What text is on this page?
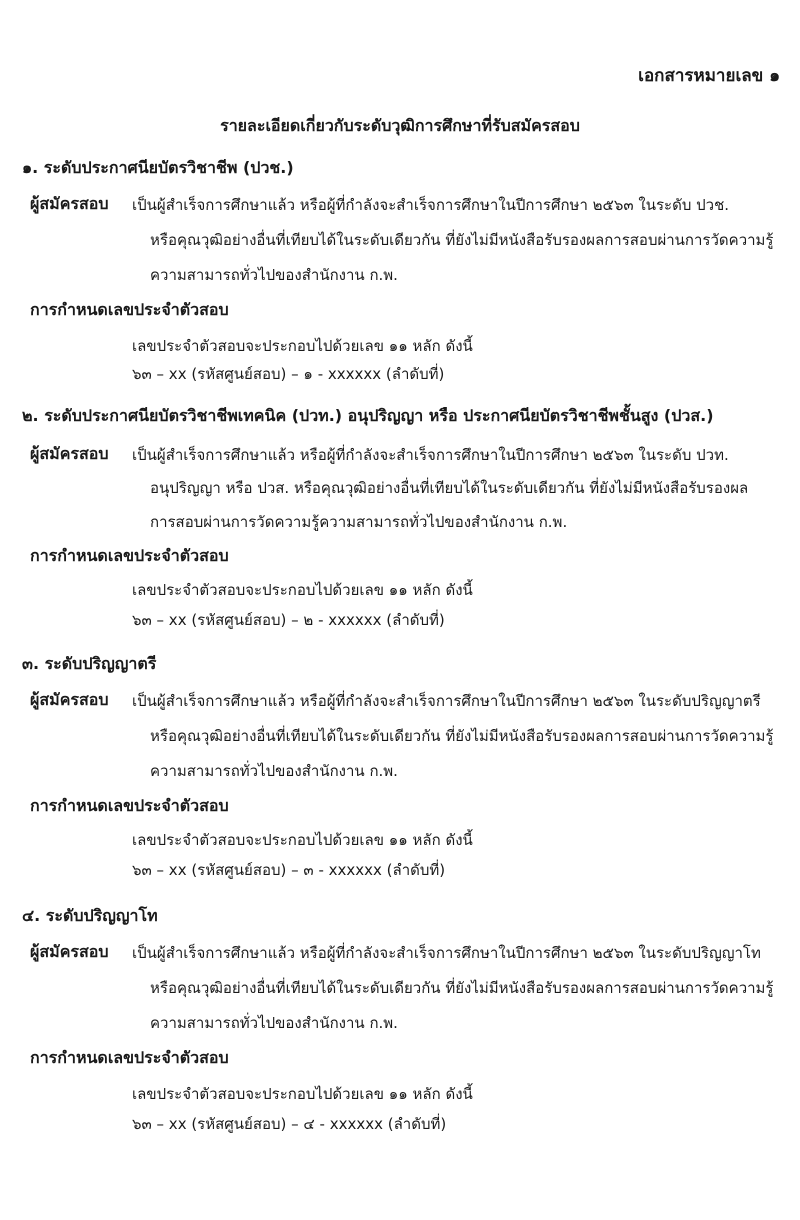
เอกสารหมายเลข ๑
รายละเอียดเกี่ยวกับระดับวุฒิการศึกษาที่รับสมัครสอบ
๑. ระดับประกาศนียบัตรวิชาชีพ (ปวช.)
ผู้สมัครสอบ เป็นผู้สำเร็จการศึกษาแล้ว หรือผู้ที่กำลังจะสำเร็จการศึกษาในปีการศึกษา ๒๕๖๓ ในระดับ ปวช.
หรือคุณวุฒิอย่างอื่นที่เทียบได้ในระดับเดียวกัน ที่ยังไม่มีหนังสือรับรองผลการสอบผ่านการวัดความรู้
ความสามารถทั่วไปของสำนักงาน ก.พ.
การกำหนดเลขประจำตัวสอบ
เลขประจำตัวสอบจะประกอบไปด้วยเลข ๑๑ หลัก ดังนี้
๖๓ – xx (รหัสศูนย์สอบ) – ๑ - xxxxxx (ลำดับที่)
๒. ระดับประกาศนียบัตรวิชาชีพเทคนิค (ปวท.) อนุปริญญา หรือ ประกาศนียบัตรวิชาชีพชั้นสูง (ปวส.)
ผู้สมัครสอบ เป็นผู้สำเร็จการศึกษาแล้ว หรือผู้ที่กำลังจะสำเร็จการศึกษาในปีการศึกษา ๒๕๖๓ ในระดับ ปวท.
อนุปริญญา หรือ ปวส. หรือคุณวุฒิอย่างอื่นที่เทียบได้ในระดับเดียวกัน ที่ยังไม่มีหนังสือรับรองผล
การสอบผ่านการวัดความรู้ความสามารถทั่วไปของสำนักงาน ก.พ.
การกำหนดเลขประจำตัวสอบ
เลขประจำตัวสอบจะประกอบไปด้วยเลข ๑๑ หลัก ดังนี้
๖๓ – xx (รหัสศูนย์สอบ) – ๒ - xxxxxx (ลำดับที่)
๓. ระดับปริญญาตรี
ผู้สมัครสอบ เป็นผู้สำเร็จการศึกษาแล้ว หรือผู้ที่กำลังจะสำเร็จการศึกษาในปีการศึกษา ๒๕๖๓ ในระดับปริญญาตรี
หรือคุณวุฒิอย่างอื่นที่เทียบได้ในระดับเดียวกัน ที่ยังไม่มีหนังสือรับรองผลการสอบผ่านการวัดความรู้
ความสามารถทั่วไปของสำนักงาน ก.พ.
การกำหนดเลขประจำตัวสอบ
เลขประจำตัวสอบจะประกอบไปด้วยเลข ๑๑ หลัก ดังนี้
๖๓ – xx (รหัสศูนย์สอบ) – ๓ - xxxxxx (ลำดับที่)
๔. ระดับปริญญาโท
ผู้สมัครสอบ เป็นผู้สำเร็จการศึกษาแล้ว หรือผู้ที่กำลังจะสำเร็จการศึกษาในปีการศึกษา ๒๕๖๓ ในระดับปริญญาโท
หรือคุณวุฒิอย่างอื่นที่เทียบได้ในระดับเดียวกัน ที่ยังไม่มีหนังสือรับรองผลการสอบผ่านการวัดความรู้
ความสามารถทั่วไปของสำนักงาน ก.พ.
การกำหนดเลขประจำตัวสอบ
เลขประจำตัวสอบจะประกอบไปด้วยเลข ๑๑ หลัก ดังนี้
๖๓ – xx (รหัสศูนย์สอบ) – ๔ - xxxxxx (ลำดับที่)
